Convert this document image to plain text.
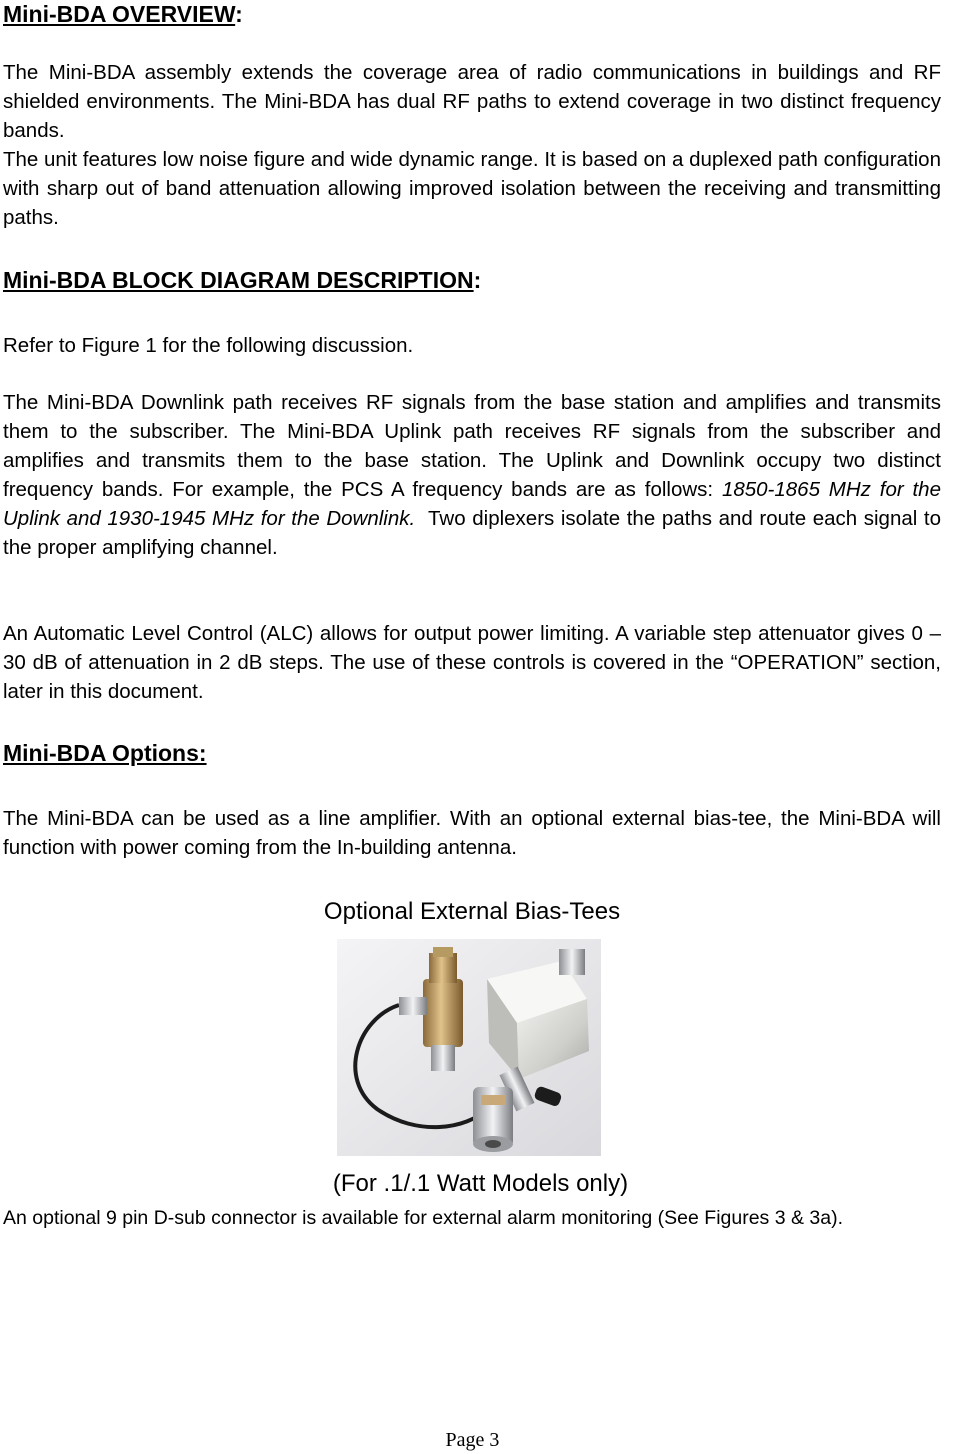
Mini-BDA OVERVIEW:

The Mini-BDA assembly extends the coverage area of radio communications in buildings and RF shielded environments. The Mini-BDA has dual RF paths to extend coverage in two distinct frequency bands.

The unit features low noise figure and wide dynamic range. It is based on a duplexed path configuration with sharp out of band attenuation allowing improved isolation between the receiving and transmitting paths.

Mini-BDA BLOCK DIAGRAM DESCRIPTION:

Refer to Figure 1 for the following discussion.

The Mini-BDA Downlink path receives RF signals from the base station and amplifies and transmits them to the subscriber. The Mini-BDA Uplink path receives RF signals from the subscriber and amplifies and transmits them to the base station. The Uplink and Downlink occupy two distinct frequency bands. For example, the PCS A frequency bands are as follows: 1850-1865 MHz for the Uplink and 1930-1945 MHz for the Downlink.  Two diplexers isolate the paths and route each signal to the proper amplifying channel.

An Automatic Level Control (ALC) allows for output power limiting. A variable step attenuator gives 0 – 30 dB of attenuation in 2 dB steps. The use of these controls is covered in the “OPERATION” section, later in this document.

Mini-BDA Options:

The Mini-BDA can be used as a line amplifier. With an optional external bias-tee, the Mini-BDA will function with power coming from the In-building antenna.

Optional External Bias-Tees
(For .1/.1 Watt Models only)

An optional 9 pin D-sub connector is available for external alarm monitoring (See Figures 3 & 3a).

Page 3
